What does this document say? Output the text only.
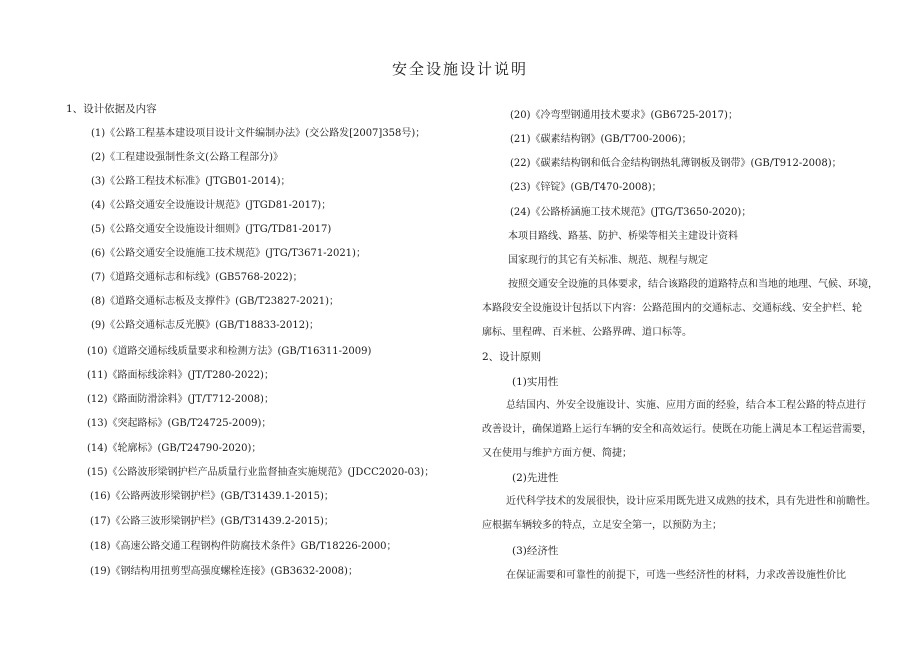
安全设施设计说明
1、设计依据及内容
(1)《公路工程基本建设项目设计文件编制办法》(交公路发[2007]358号)；
(2)《工程建设强制性条文(公路工程部分)》
(3)《公路工程技术标准》(JTGB01-2014)；
(4)《公路交通安全设施设计规范》(JTGD81-2017)；
(5)《公路交通安全设施设计细则》(JTG/TD81-2017)
(6)《公路交通安全设施施工技术规范》(JTG/T3671-2021)；
(7)《道路交通标志和标线》(GB5768-2022)；
(8)《道路交通标志板及支撑件》(GB/T23827-2021)；
(9)《公路交通标志反光膜》(GB/T18833-2012)；
(10)《道路交通标线质量要求和检测方法》(GB/T16311-2009)
(11)《路面标线涂料》(JT/T280-2022)；
(12)《路面防滑涂料》(JT/T712-2008)；
(13)《突起路标》(GB/T24725-2009)；
(14)《轮廓标》(GB/T24790-2020)；
(15)《公路波形梁钢护栏产品质量行业监督抽查实施规范》(JDCC2020-03)；
(16)《公路两波形梁钢护栏》(GB/T31439.1-2015)；
(17)《公路三波形梁钢护栏》(GB/T31439.2-2015)；
(18)《高速公路交通工程钢构件防腐技术条件》GB/T18226-2000；
(19)《钢结构用扭剪型高强度螺栓连接》(GB3632-2008)；
(20)《冷弯型钢通用技术要求》(GB6725-2017)；
(21)《碳素结构钢》(GB/T700-2006)；
(22)《碳素结构钢和低合金结构钢热轧薄钢板及钢带》(GB/T912-2008)；
(23)《锌锭》(GB/T470-2008)；
(24)《公路桥涵施工技术规范》(JTG/T3650-2020)；
本项目路线、路基、防护、桥梁等相关主建设计资料
国家现行的其它有关标准、规范、规程与规定
按照交通安全设施的具体要求，结合该路段的道路特点和当地的地理、气候、环境，
本路段安全设施设计包括以下内容：公路范围内的交通标志、交通标线、安全护栏、轮
廓标、里程碑、百米桩、公路界碑、道口标等。
2、设计原则
(1)实用性
总结国内、外安全设施设计、实施、应用方面的经验，结合本工程公路的特点进行
改善设计，确保道路上运行车辆的安全和高效运行。使既在功能上满足本工程运营需要，
又在使用与维护方面方便、简捷；
(2)先进性
近代科学技术的发展很快，设计应采用既先进又成熟的技术，具有先进性和前瞻性。
应根据车辆较多的特点，立足安全第一，以预防为主；
(3)经济性
在保证需要和可靠性的前提下，可选一些经济性的材料，力求改善设施性价比
